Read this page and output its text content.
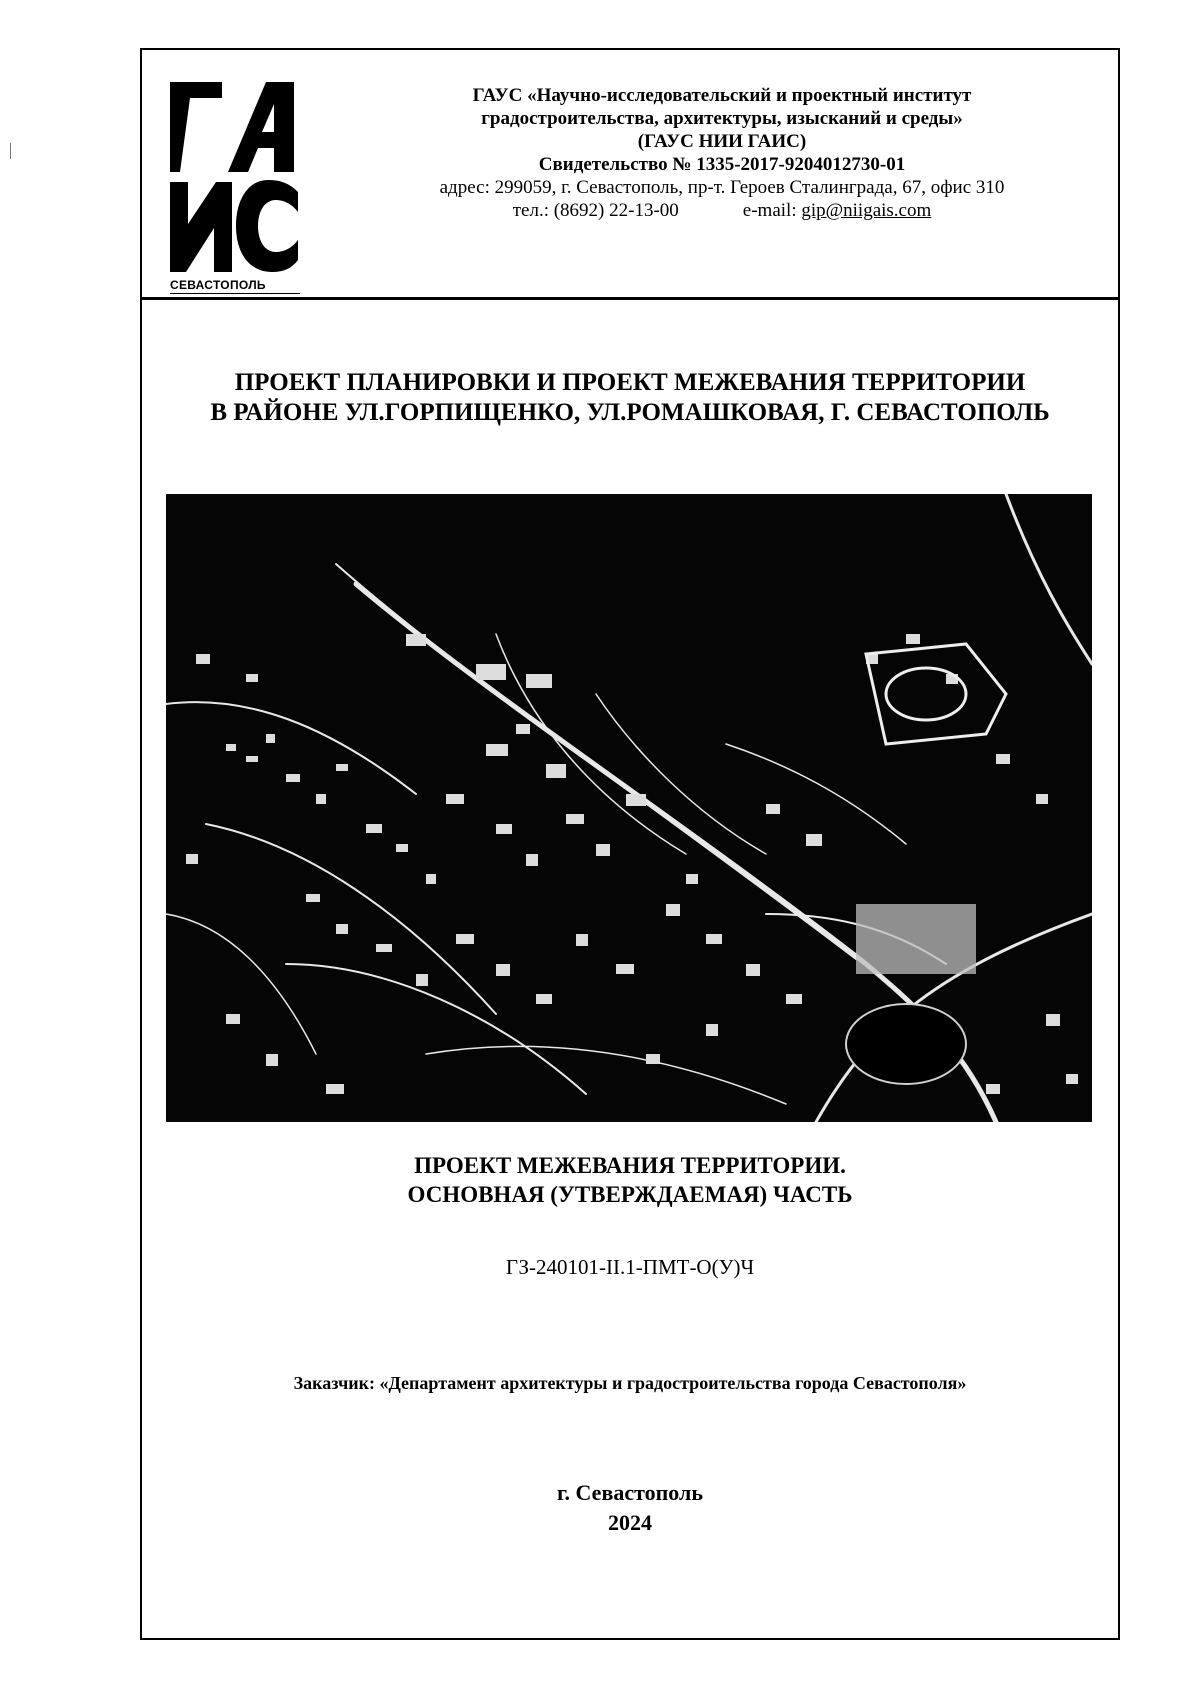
СЕВАСТОПОЛЬ
ГАУС «Научно-исследовательский и проектный институт
градостроительства, архитектуры, изысканий и среды»
(ГАУС НИИ ГАИС)
Свидетельство № 1335-2017-9204012730-01
адрес: 299059, г. Севастополь, пр-т. Героев Сталинграда, 67, офис 310
тел.: (8692) 22-13-00	e-mail: gip@niigais.com
ПРОЕКТ ПЛАНИРОВКИ И ПРОЕКТ МЕЖЕВАНИЯ ТЕРРИТОРИИ
В РАЙОНЕ УЛ.ГОРПИЩЕНКО, УЛ.РОМАШКОВАЯ, Г. СЕВАСТОПОЛЬ
ПРОЕКТ МЕЖЕВАНИЯ ТЕРРИТОРИИ.
ОСНОВНАЯ (УТВЕРЖДАЕМАЯ) ЧАСТЬ
ГЗ-240101-II.1-ПМТ-О(У)Ч
Заказчик: «Департамент архитектуры и градостроительства города Севастополя»
г. Севастополь
2024
